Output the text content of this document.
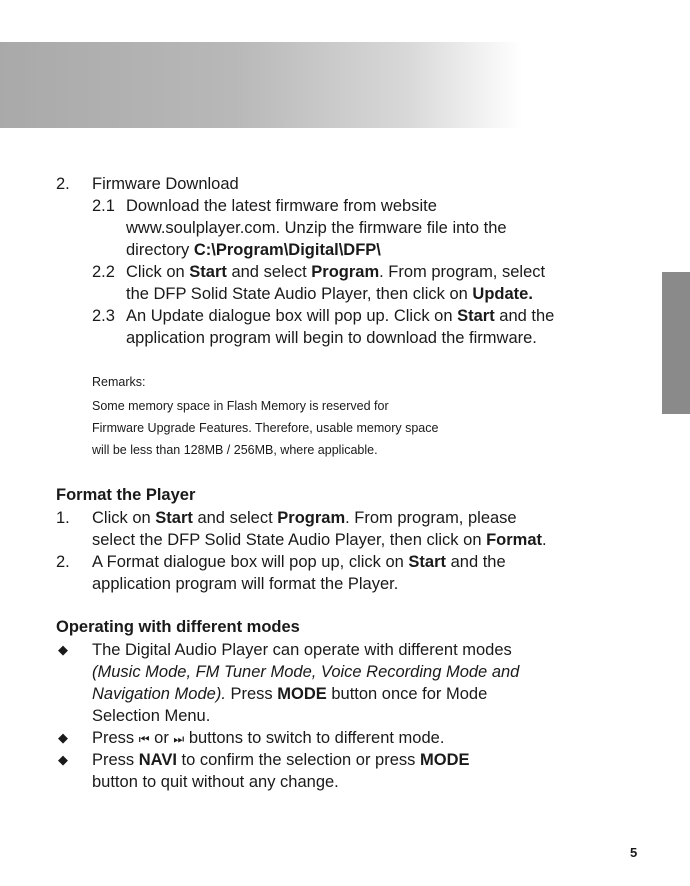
2. Firmware Download
2.1 Download the latest firmware from website
www.soulplayer.com. Unzip the firmware file into the
directory C:\Program\Digital\DFP\
2.2 Click on Start and select Program. From program, select
the DFP Solid State Audio Player, then click on Update.
2.3 An Update dialogue box will pop up. Click on Start and the
application program will begin to download the firmware.
Remarks:
Some memory space in Flash Memory is reserved for
Firmware Upgrade Features. Therefore, usable memory space
will be less than 128MB / 256MB, where applicable.
Format the Player
1. Click on Start and select Program. From program, please
select the DFP Solid State Audio Player, then click on Format.
2. A Format dialogue box will pop up, click on Start and the
application program will format the Player.
Operating with different modes
◆ The Digital Audio Player can operate with different modes
(Music Mode, FM Tuner Mode, Voice Recording Mode and
Navigation Mode). Press MODE button once for Mode
Selection Menu.
◆ Press ⏮ or ⏭ buttons to switch to different mode.
◆ Press NAVI to confirm the selection or press MODE
button to quit without any change.
5
